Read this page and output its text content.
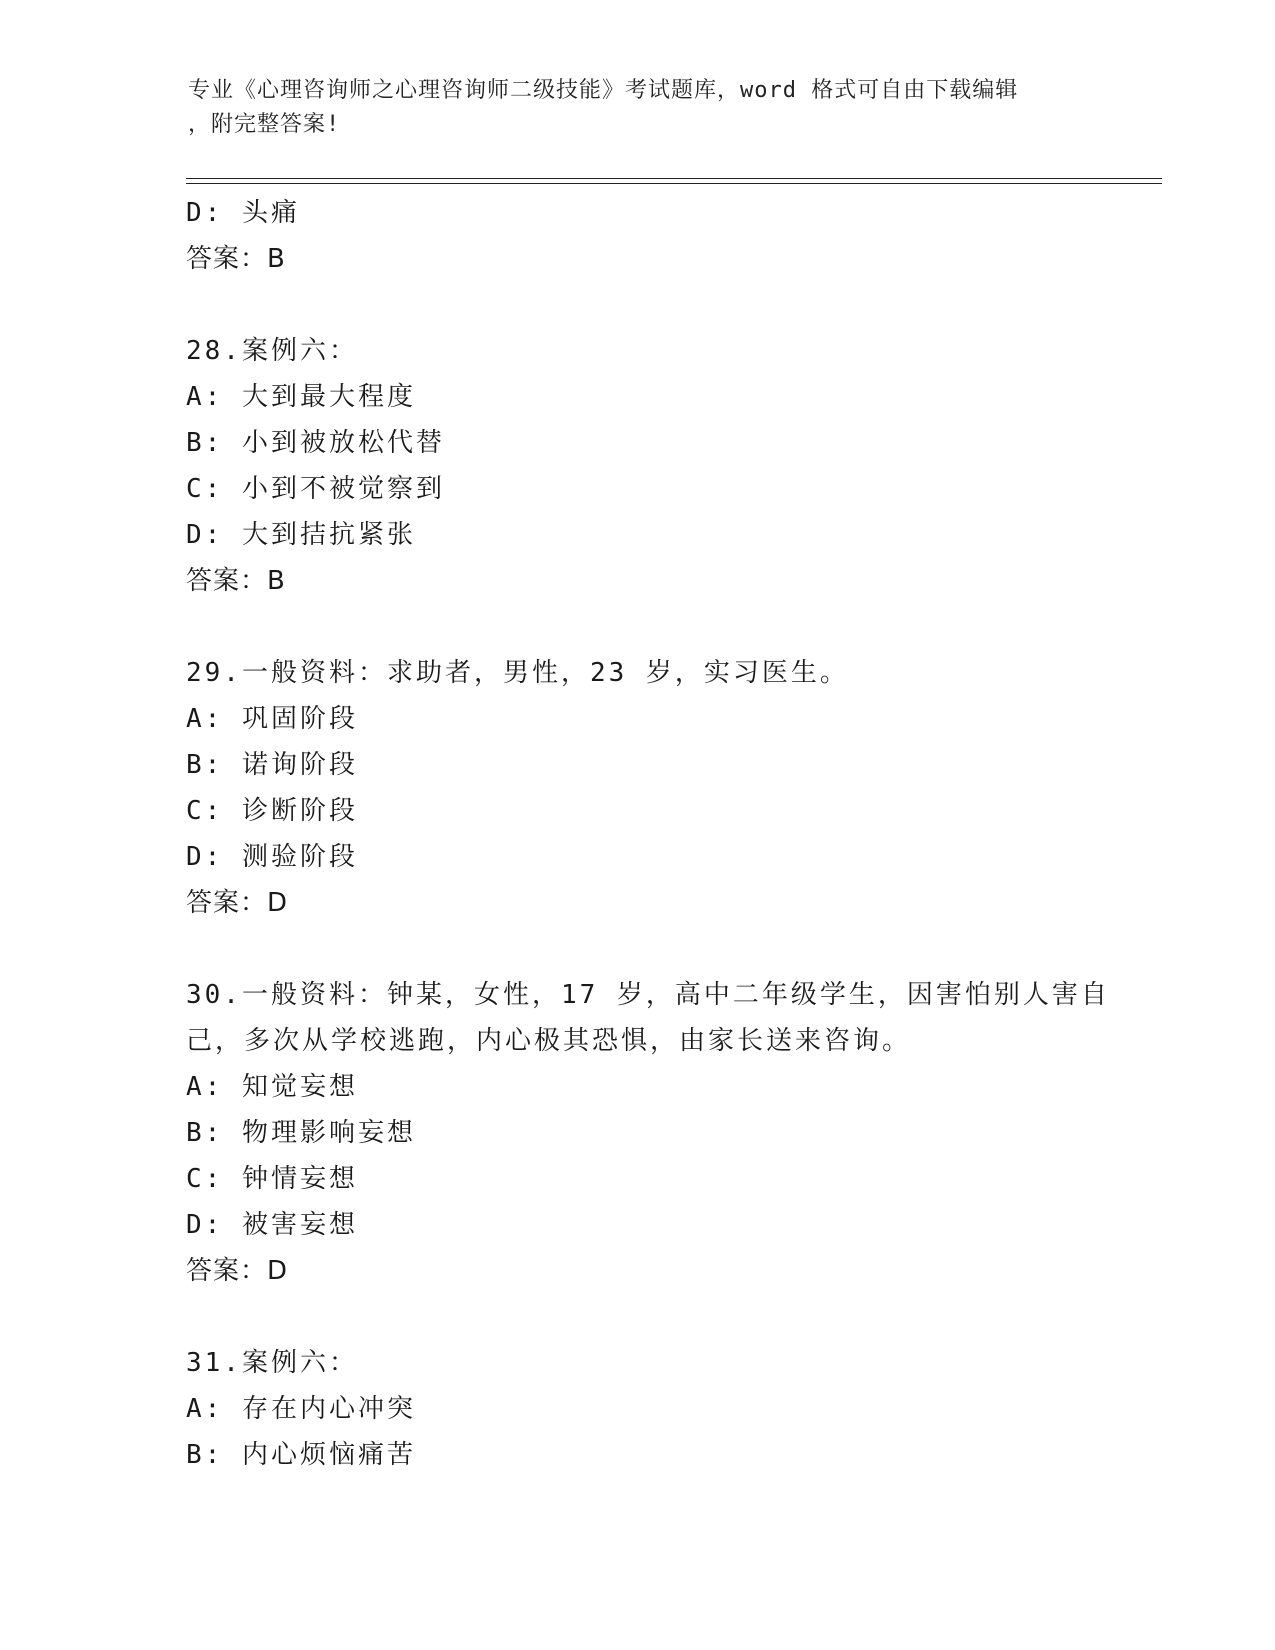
专业《心理咨询师之心理咨询师二级技能》考试题库，word 格式可自由下载编辑
，附完整答案!
D: 头痛
答案：B
28.案例六：
A: 大到最大程度
B: 小到被放松代替
C: 小到不被觉察到
D: 大到拮抗紧张
答案：B
29.一般资料：求助者，男性，23 岁，实习医生。
A: 巩固阶段
B: 诺询阶段
C: 诊断阶段
D: 测验阶段
答案：D
30.一般资料：钟某，女性，17 岁，高中二年级学生，因害怕别人害自
己，多次从学校逃跑，内心极其恐惧，由家长送来咨询。
A: 知觉妄想
B: 物理影响妄想
C: 钟情妄想
D: 被害妄想
答案：D
31.案例六：
A: 存在内心冲突
B: 内心烦恼痛苦
